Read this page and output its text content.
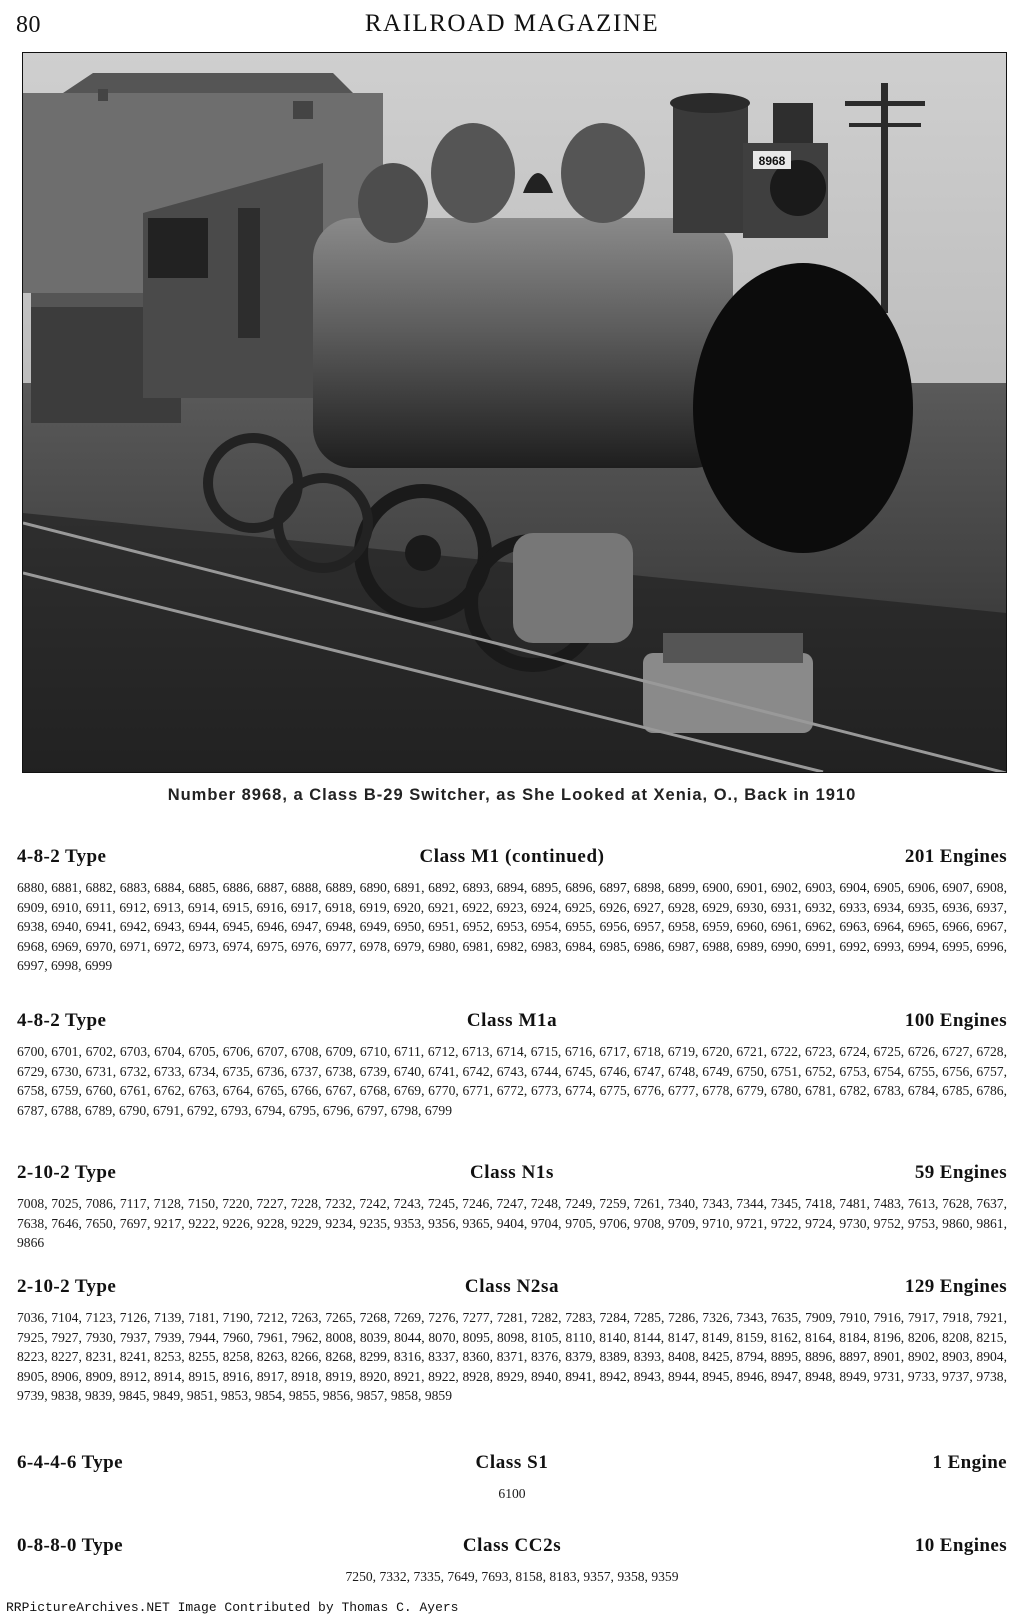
80	RAILROAD MAGAZINE
8968
Number 8968, a Class B-29 Switcher, as She Looked at Xenia, O., Back in 1910
4-8-2 Type	Class M1 (continued)	201 Engines
6880, 6881, 6882, 6883, 6884, 6885, 6886, 6887, 6888, 6889, 6890, 6891, 6892, 6893, 6894, 6895, 6896, 6897, 6898, 6899, 6900, 6901, 6902, 6903, 6904, 6905, 6906, 6907, 6908, 6909, 6910, 6911, 6912, 6913, 6914, 6915, 6916, 6917, 6918, 6919, 6920, 6921, 6922, 6923, 6924, 6925, 6926, 6927, 6928, 6929, 6930, 6931, 6932, 6933, 6934, 6935, 6936, 6937, 6938, 6940, 6941, 6942, 6943, 6944, 6945, 6946, 6947, 6948, 6949, 6950, 6951, 6952, 6953, 6954, 6955, 6956, 6957, 6958, 6959, 6960, 6961, 6962, 6963, 6964, 6965, 6966, 6967, 6968, 6969, 6970, 6971, 6972, 6973, 6974, 6975, 6976, 6977, 6978, 6979, 6980, 6981, 6982, 6983, 6984, 6985, 6986, 6987, 6988, 6989, 6990, 6991, 6992, 6993, 6994, 6995, 6996, 6997, 6998, 6999
4-8-2 Type	Class M1a	100 Engines
6700, 6701, 6702, 6703, 6704, 6705, 6706, 6707, 6708, 6709, 6710, 6711, 6712, 6713, 6714, 6715, 6716, 6717, 6718, 6719, 6720, 6721, 6722, 6723, 6724, 6725, 6726, 6727, 6728, 6729, 6730, 6731, 6732, 6733, 6734, 6735, 6736, 6737, 6738, 6739, 6740, 6741, 6742, 6743, 6744, 6745, 6746, 6747, 6748, 6749, 6750, 6751, 6752, 6753, 6754, 6755, 6756, 6757, 6758, 6759, 6760, 6761, 6762, 6763, 6764, 6765, 6766, 6767, 6768, 6769, 6770, 6771, 6772, 6773, 6774, 6775, 6776, 6777, 6778, 6779, 6780, 6781, 6782, 6783, 6784, 6785, 6786, 6787, 6788, 6789, 6790, 6791, 6792, 6793, 6794, 6795, 6796, 6797, 6798, 6799
2-10-2 Type	Class N1s	59 Engines
7008, 7025, 7086, 7117, 7128, 7150, 7220, 7227, 7228, 7232, 7242, 7243, 7245, 7246, 7247, 7248, 7249, 7259, 7261, 7340, 7343, 7344, 7345, 7418, 7481, 7483, 7613, 7628, 7637, 7638, 7646, 7650, 7697, 9217, 9222, 9226, 9228, 9229, 9234, 9235, 9353, 9356, 9365, 9404, 9704, 9705, 9706, 9708, 9709, 9710, 9721, 9722, 9724, 9730, 9752, 9753, 9860, 9861, 9866
2-10-2 Type	Class N2sa	129 Engines
7036, 7104, 7123, 7126, 7139, 7181, 7190, 7212, 7263, 7265, 7268, 7269, 7276, 7277, 7281, 7282, 7283, 7284, 7285, 7286, 7326, 7343, 7635, 7909, 7910, 7916, 7917, 7918, 7921, 7925, 7927, 7930, 7937, 7939, 7944, 7960, 7961, 7962, 8008, 8039, 8044, 8070, 8095, 8098, 8105, 8110, 8140, 8144, 8147, 8149, 8159, 8162, 8164, 8184, 8196, 8206, 8208, 8215, 8223, 8227, 8231, 8241, 8253, 8255, 8258, 8263, 8266, 8268, 8299, 8316, 8337, 8360, 8371, 8376, 8379, 8389, 8393, 8408, 8425, 8794, 8895, 8896, 8897, 8901, 8902, 8903, 8904, 8905, 8906, 8909, 8912, 8914, 8915, 8916, 8917, 8918, 8919, 8920, 8921, 8922, 8928, 8929, 8940, 8941, 8942, 8943, 8944, 8945, 8946, 8947, 8948, 8949, 9731, 9733, 9737, 9738, 9739, 9838, 9839, 9845, 9849, 9851, 9853, 9854, 9855, 9856, 9857, 9858, 9859
6-4-4-6 Type	Class S1	1 Engine
6100
0-8-8-0 Type	Class CC2s	10 Engines
7250, 7332, 7335, 7649, 7693, 8158, 8183, 9357, 9358, 9359
RRPictureArchives.NET Image Contributed by Thomas C. Ayers
